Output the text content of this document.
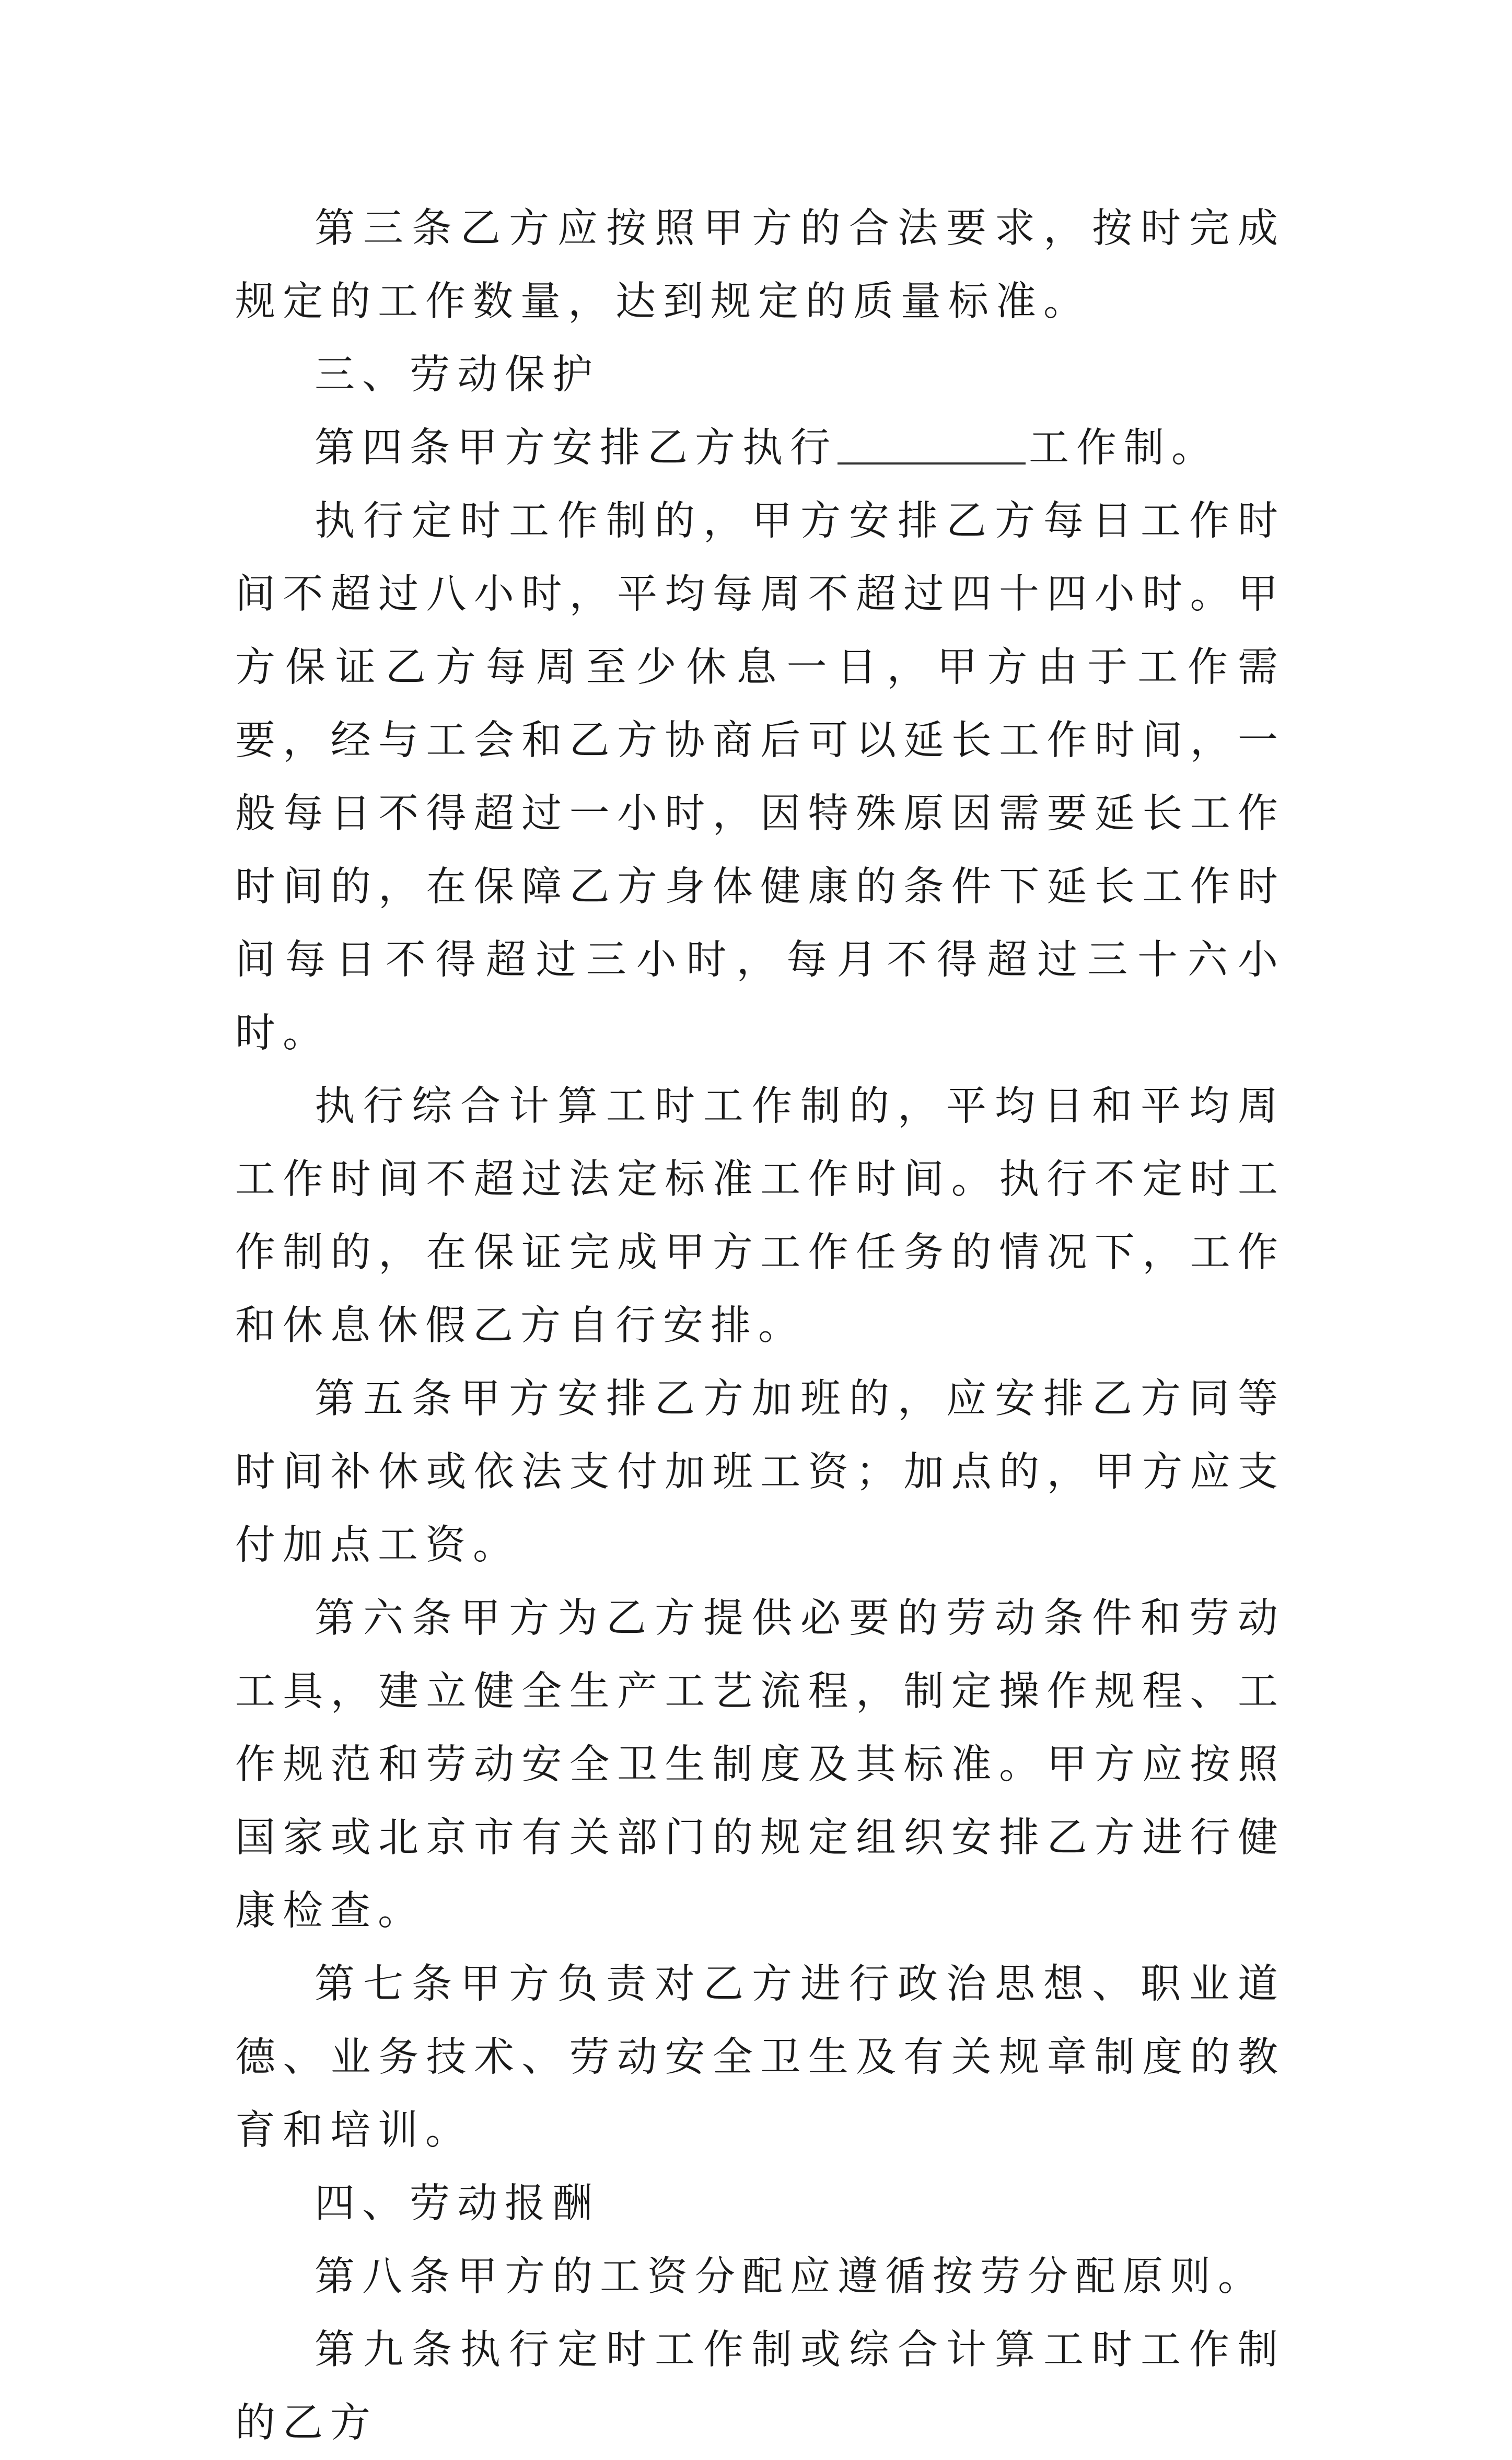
第三条乙方应按照甲方的合法要求，按时完成规定的工作数量，达到规定的质量标准。

三、劳动保护

第四条甲方安排乙方执行	工作制。

执行定时工作制的，甲方安排乙方每日工作时间不超过八小时，平均每周不超过四十四小时。甲方保证乙方每周至少休息一日，甲方由于工作需要，经与工会和乙方协商后可以延长工作时间，一般每日不得超过一小时，因特殊原因需要延长工作时间的，在保障乙方身体健康的条件下延长工作时间每日不得超过三小时，每月不得超过三十六小时。

执行综合计算工时工作制的，平均日和平均周工作时间不超过法定标准工作时间。执行不定时工作制的，在保证完成甲方工作任务的情况下，工作和休息休假乙方自行安排。

第五条甲方安排乙方加班的，应安排乙方同等时间补休或依法支付加班工资；加点的，甲方应支付加点工资。

第六条甲方为乙方提供必要的劳动条件和劳动工具，建立健全生产工艺流程，制定操作规程、工作规范和劳动安全卫生制度及其标准。甲方应按照国家或北京市有关部门的规定组织安排乙方进行健康检查。

第七条甲方负责对乙方进行政治思想、职业道德、业务技术、劳动安全卫生及有关规章制度的教育和培训。

四、劳动报酬

第八条甲方的工资分配应遵循按劳分配原则。

第九条执行定时工作制或综合计算工时工作制的乙方
